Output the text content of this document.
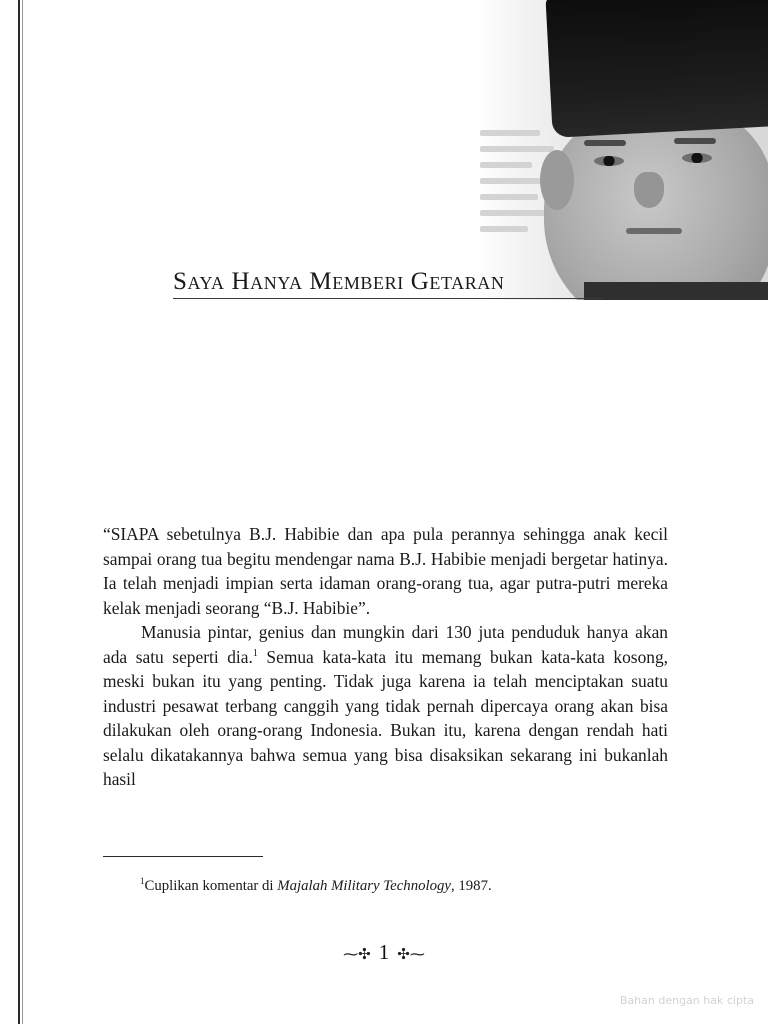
Saya Hanya Memberi Getaran

“SIAPA sebetulnya B.J. Habibie dan apa pula perannya sehingga anak kecil sampai orang tua begitu mendengar nama B.J. Habibie menjadi bergetar hatinya. Ia telah menjadi impian serta idaman orang-orang tua, agar putra-putri mereka kelak menjadi seorang “B.J. Habibie”.

Manusia pintar, genius dan mungkin dari 130 juta penduduk hanya akan ada satu seperti dia.$^1$ Semua kata-kata itu memang bukan kata-kata kosong, meski bukan itu yang penting. Tidak juga karena ia telah menciptakan suatu industri pesawat terbang canggih yang tidak pernah dipercaya orang akan bisa dilakukan oleh orang-orang Indonesia. Bukan itu, karena dengan rendah hati selalu dikatakannya bahwa semua yang bisa disaksikan sekarang ini bukanlah hasil

$^1$Cuplikan komentar di Majalah Military Technology, 1987.

⁓✣ 1 ✣⁓
Bahan dengan hak cipta
